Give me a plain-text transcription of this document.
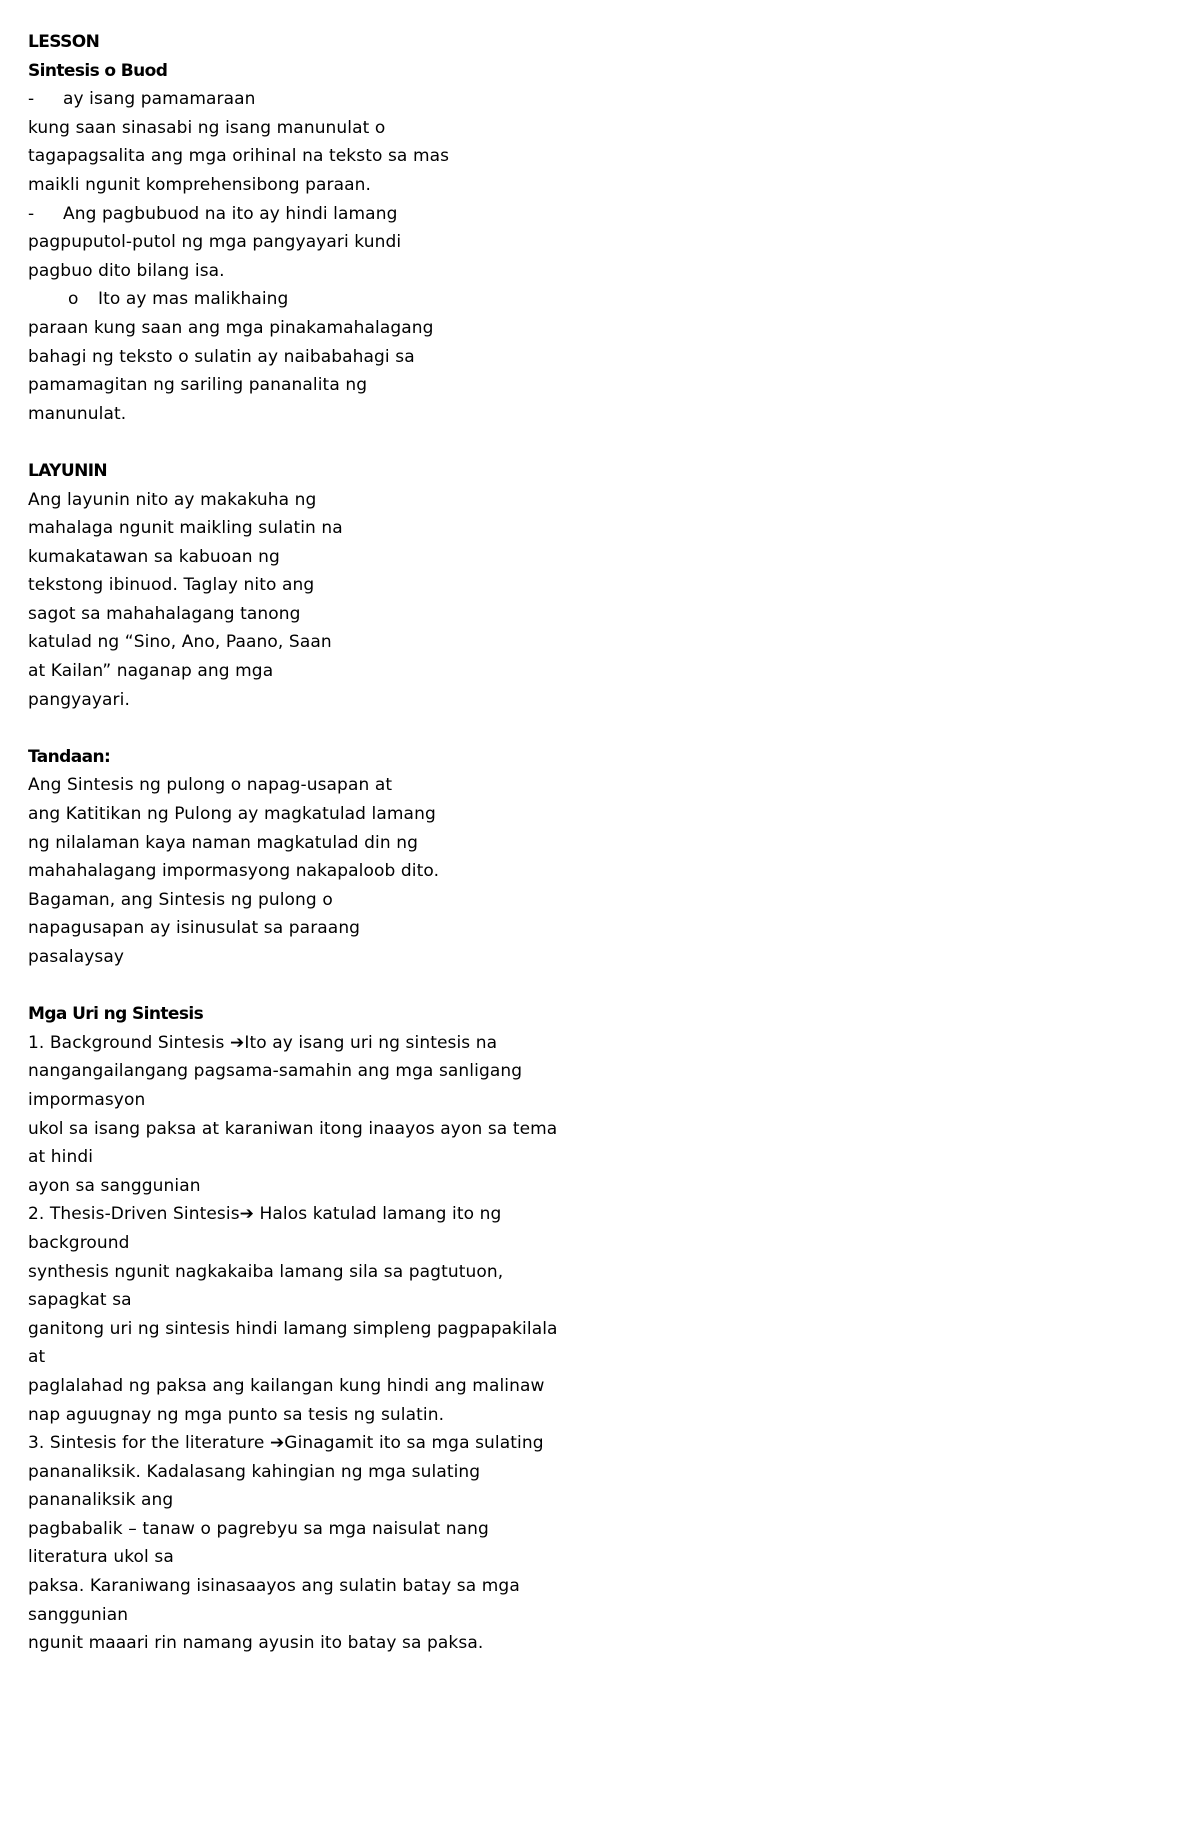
LESSON
Sintesis o Buod
- ay isang pamamaraan
kung saan sinasabi ng isang manunulat o
tagapagsalita ang mga orihinal na teksto sa mas
maikli ngunit komprehensibong paraan.
- Ang pagbubuod na ito ay hindi lamang
pagpuputol-putol ng mga pangyayari kundi
pagbuo dito bilang isa.
o Ito ay mas malikhaing
paraan kung saan ang mga pinakamahalagang
bahagi ng teksto o sulatin ay naibabahagi sa
pamamagitan ng sariling pananalita ng
manunulat.
LAYUNIN
Ang layunin nito ay makakuha ng
mahalaga ngunit maikling sulatin na
kumakatawan sa kabuoan ng
tekstong ibinuod. Taglay nito ang
sagot sa mahahalagang tanong
katulad ng “Sino, Ano, Paano, Saan
at Kailan” naganap ang mga
pangyayari.
Tandaan:
Ang Sintesis ng pulong o napag-usapan at
ang Katitikan ng Pulong ay magkatulad lamang
ng nilalaman kaya naman magkatulad din ng
mahahalagang impormasyong nakapaloob dito.
Bagaman, ang Sintesis ng pulong o
napagusapan ay isinusulat sa paraang
pasalaysay
Mga Uri ng Sintesis
1. Background Sintesis ➔Ito ay isang uri ng sintesis na
nangangailangang pagsama-samahin ang mga sanligang
impormasyon
ukol sa isang paksa at karaniwan itong inaayos ayon sa tema
at hindi
ayon sa sanggunian
2. Thesis-Driven Sintesis➔ Halos katulad lamang ito ng
background
synthesis ngunit nagkakaiba lamang sila sa pagtutuon,
sapagkat sa
ganitong uri ng sintesis hindi lamang simpleng pagpapakilala
at
paglalahad ng paksa ang kailangan kung hindi ang malinaw
nap aguugnay ng mga punto sa tesis ng sulatin.
3. Sintesis for the literature ➔Ginagamit ito sa mga sulating
pananaliksik. Kadalasang kahingian ng mga sulating
pananaliksik ang
pagbabalik – tanaw o pagrebyu sa mga naisulat nang
literatura ukol sa
paksa. Karaniwang isinasaayos ang sulatin batay sa mga
sanggunian
ngunit maaari rin namang ayusin ito batay sa paksa.
